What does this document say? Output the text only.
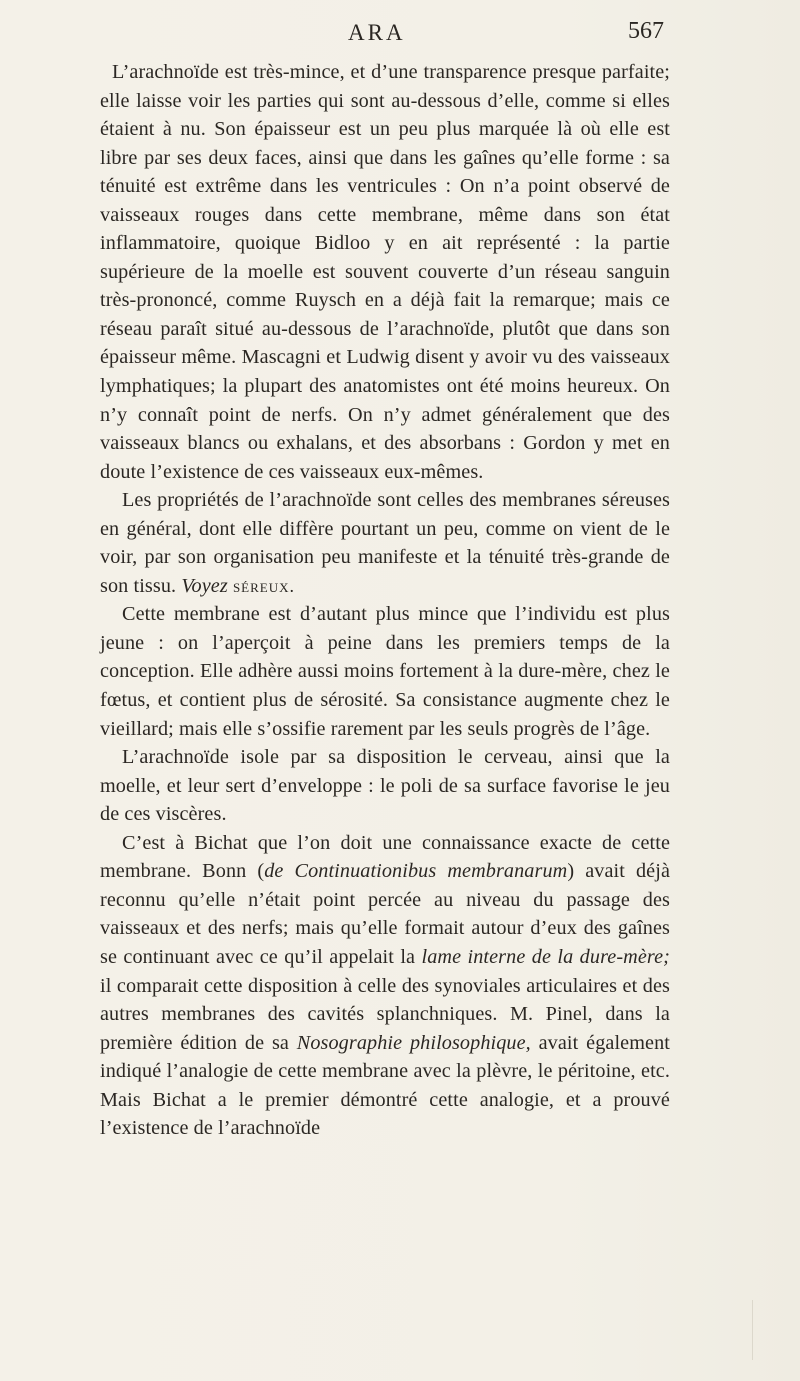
ARA	567

L’arachnoïde est très-mince, et d’une transparence presque parfaite; elle laisse voir les parties qui sont au-dessous d’elle, comme si elles étaient à nu. Son épaisseur est un peu plus marquée là où elle est libre par ses deux faces, ainsi que dans les gaînes qu’elle forme : sa ténuité est extrême dans les ventricules : On n’a point observé de vaisseaux rouges dans cette membrane, même dans son état inflammatoire, quoique Bidloo y en ait représenté : la partie supérieure de la moelle est souvent couverte d’un réseau sanguin très-prononcé, comme Ruysch en a déjà fait la remarque; mais ce réseau paraît situé au-dessous de l’arachnoïde, plutôt que dans son épaisseur même. Mascagni et Ludwig disent y avoir vu des vaisseaux lymphatiques; la plupart des anatomistes ont été moins heureux. On n’y connaît point de nerfs. On n’y admet généralement que des vaisseaux blancs ou exhalans, et des absorbans : Gordon y met en doute l’existence de ces vaisseaux eux-mêmes.

Les propriétés de l’arachnoïde sont celles des membranes séreuses en général, dont elle diffère pourtant un peu, comme on vient de le voir, par son organisation peu manifeste et la ténuité très-grande de son tissu. Voyez séreux.

Cette membrane est d’autant plus mince que l’individu est plus jeune : on l’aperçoit à peine dans les premiers temps de la conception. Elle adhère aussi moins fortement à la dure-mère, chez le fœtus, et contient plus de sérosité. Sa consistance augmente chez le vieillard; mais elle s’ossifie rarement par les seuls progrès de l’âge.

L’arachnoïde isole par sa disposition le cerveau, ainsi que la moelle, et leur sert d’enveloppe : le poli de sa surface favorise le jeu de ces viscères.

C’est à Bichat que l’on doit une connaissance exacte de cette membrane. Bonn (de Continuationibus membranarum) avait déjà reconnu qu’elle n’était point percée au niveau du passage des vaisseaux et des nerfs; mais qu’elle formait autour d’eux des gaînes se continuant avec ce qu’il appelait la lame interne de la dure-mère; il comparait cette disposition à celle des synoviales articulaires et des autres membranes des cavités splanchniques. M. Pinel, dans la première édition de sa Nosographie philosophique, avait également indiqué l’analogie de cette membrane avec la plèvre, le péritoine, etc. Mais Bichat a le premier démontré cette analogie, et a prouvé l’existence de l’arachnoïde
